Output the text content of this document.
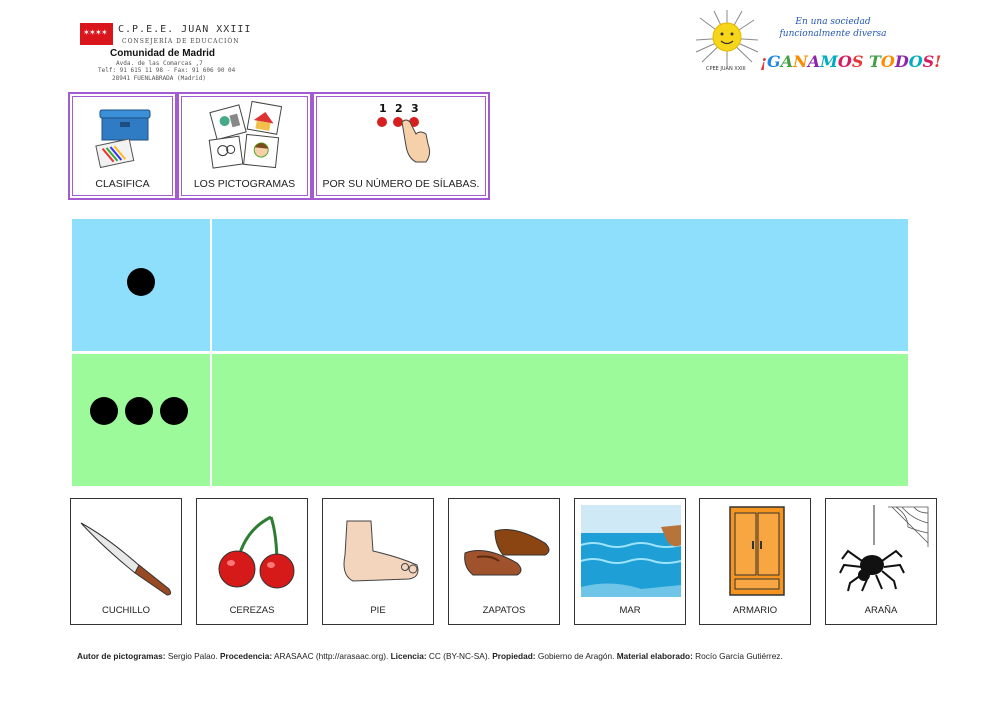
✶ ✶ ✶ ✶ C.P.E.E. JUAN XXIII
CONSEJERÍA DE EDUCACIÓN
Comunidad de Madrid
Avda. de las Comarcas ,7
Telf: 91 615 11 98 - Fax: 91 606 90 04
28941 FUENLABRADA (Madrid)
CPEE JUAN XXIII
En una sociedad
funcionalmente diversa
¡GANAMOS TODOS!
CLASIFICA	LOS PICTOGRAMAS
1 2 3
POR SU NÚMERO DE SÍLABAS.
CUCHILLO	CEREZAS	PIE	ZAPATOS	MAR	ARMARIO	ARAÑA
Autor de pictogramas: Sergio Palao. Procedencia: ARASAAC (http://arasaac.org). Licencia: CC (BY-NC-SA). Propiedad: Gobierno de Aragón. Material elaborado: Rocío García Gutiérrez.
